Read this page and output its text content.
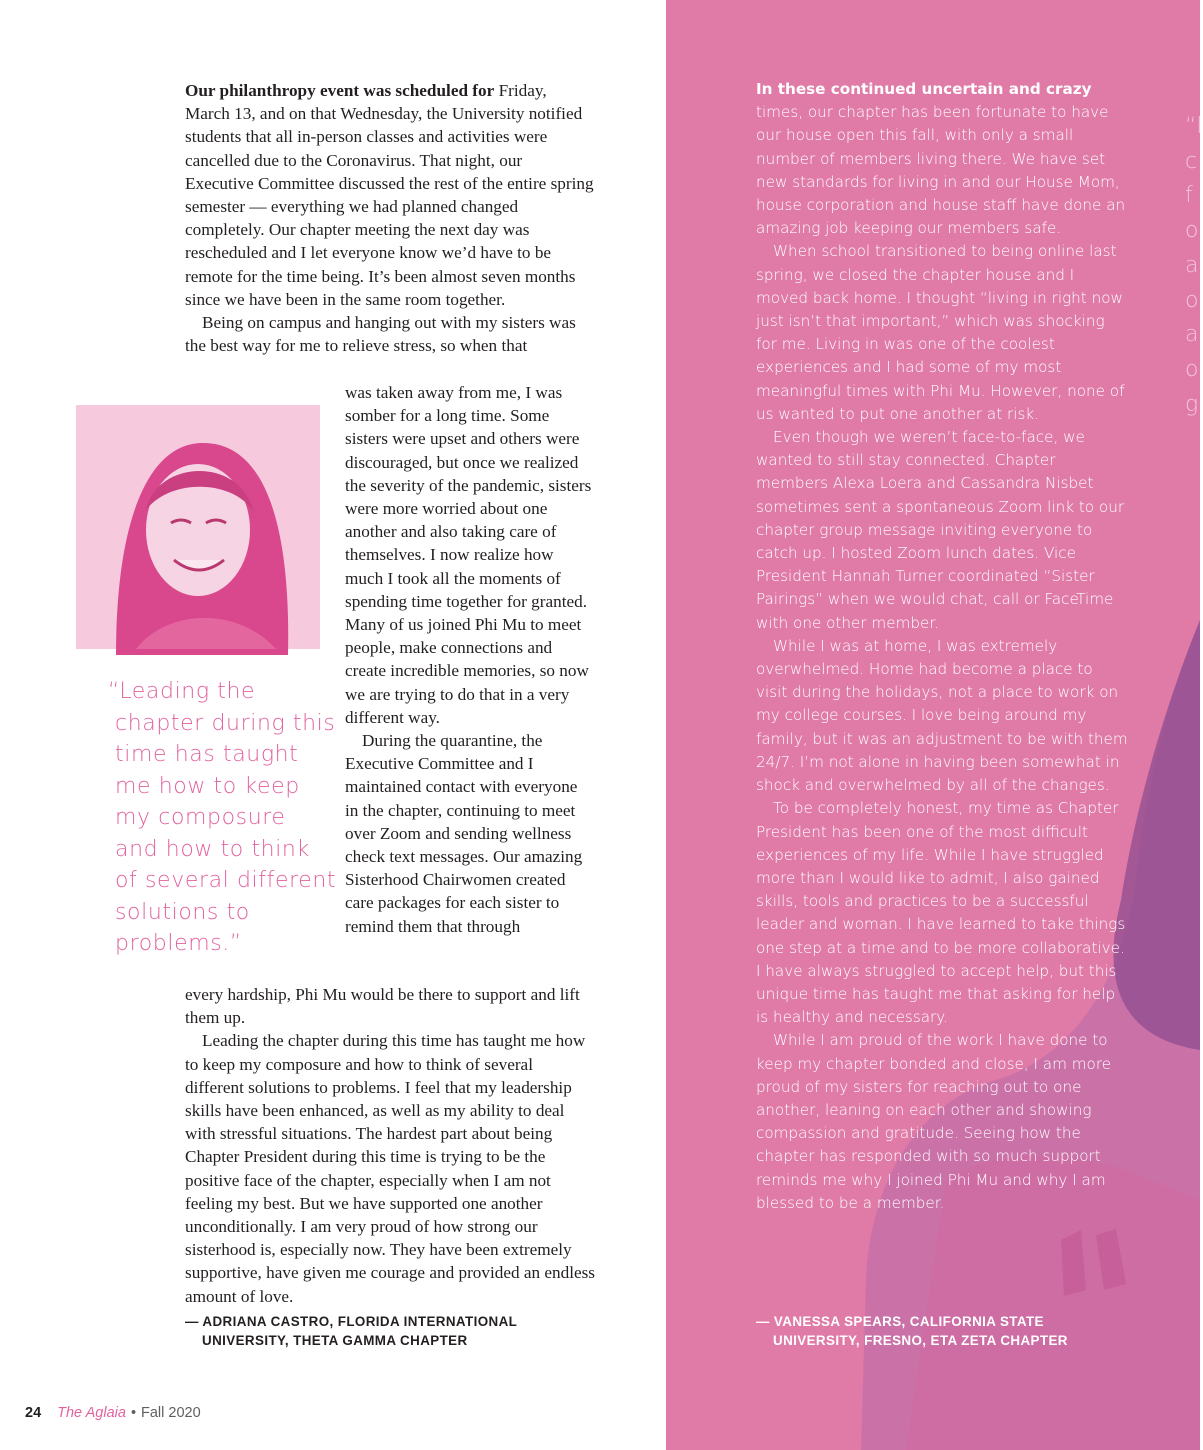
Our philanthropy event was scheduled for Friday, March 13, and on that Wednesday, the University notified students that all in-person classes and activities were cancelled due to the Coronavirus. That night, our Executive Committee discussed the rest of the entire spring semester — everything we had planned changed completely. Our chapter meeting the next day was rescheduled and I let everyone know we’d have to be remote for the time being. It’s been almost seven months since we have been in the same room together.

Being on campus and hanging out with my sisters was the best way for me to relieve stress, so when that

was taken away from me, I was somber for a long time. Some sisters were upset and others were discouraged, but once we realized the severity of the pandemic, sisters were more worried about one another and also taking care of themselves. I now realize how much I took all the moments of spending time together for granted. Many of us joined Phi Mu to meet people, make connections and create incredible memories, so now we are trying to do that in a very different way.

During the quarantine, the Executive Committee and I maintained contact with everyone in the chapter, continuing to meet over Zoom and sending wellness check text messages. Our amazing Sisterhood Chairwomen created care packages for each sister to remind them that through

every hardship, Phi Mu would be there to support and lift them up.

Leading the chapter during this time has taught me how to keep my composure and how to think of several different solutions to problems. I feel that my leadership skills have been enhanced, as well as my ability to deal with stressful situations. The hardest part about being Chapter President during this time is trying to be the positive face of the chapter, especially when I am not feeling my best. But we have supported one another unconditionally. I am very proud of how strong our sisterhood is, especially now. They have been extremely supportive, have given me courage and provided an endless amount of love.

“Leading the
chapter during this
time has taught
me how to keep
my composure
and how to think
of several different
solutions to
problems.”
— ADRIANA CASTRO, FLORIDA INTERNATIONAL
UNIVERSITY, THETA GAMMA CHAPTER
24 The Aglaia • Fall 2020

In these continued uncertain and crazy times, our chapter has been fortunate to have our house open this fall, with only a small number of members living there. We have set new standards for living in and our House Mom, house corporation and house staff have done an amazing job keeping our members safe.

When school transitioned to being online last spring, we closed the chapter house and I moved back home. I thought “living in right now just isn’t that important,” which was shocking for me. Living in was one of the coolest experiences and I had some of my most meaningful times with Phi Mu. However, none of us wanted to put one another at risk.

Even though we weren’t face-to-face, we wanted to still stay connected. Chapter members Alexa Loera and Cassandra Nisbet sometimes sent a spontaneous Zoom link to our chapter group message inviting everyone to catch up. I hosted Zoom lunch dates. Vice President Hannah Turner coordinated “Sister Pairings” when we would chat, call or FaceTime with one other member.

While I was at home, I was extremely overwhelmed. Home had become a place to visit during the holidays, not a place to work on my college courses. I love being around my family, but it was an adjustment to be with them 24/7. I’m not alone in having been somewhat in shock and overwhelmed by all of the changes.

To be completely honest, my time as Chapter President has been one of the most difficult experiences of my life. While I have struggled more than I would like to admit, I also gained skills, tools and practices to be a successful leader and woman. I have learned to take things one step at a time and to be more collaborative. I have always struggled to accept help, but this unique time has taught me that asking for help is healthy and necessary.

While I am proud of the work I have done to keep my chapter bonded and close, I am more proud of my sisters for reaching out to one another, leaning on each other and showing compassion and gratitude. Seeing how the chapter has responded with so much support reminds me why I joined Phi Mu and why I am blessed to be a member.

— VANESSA SPEARS, CALIFORNIA STATE
UNIVERSITY, FRESNO, ETA ZETA CHAPTER
“l
c
f
o
a
o
a
o
g
